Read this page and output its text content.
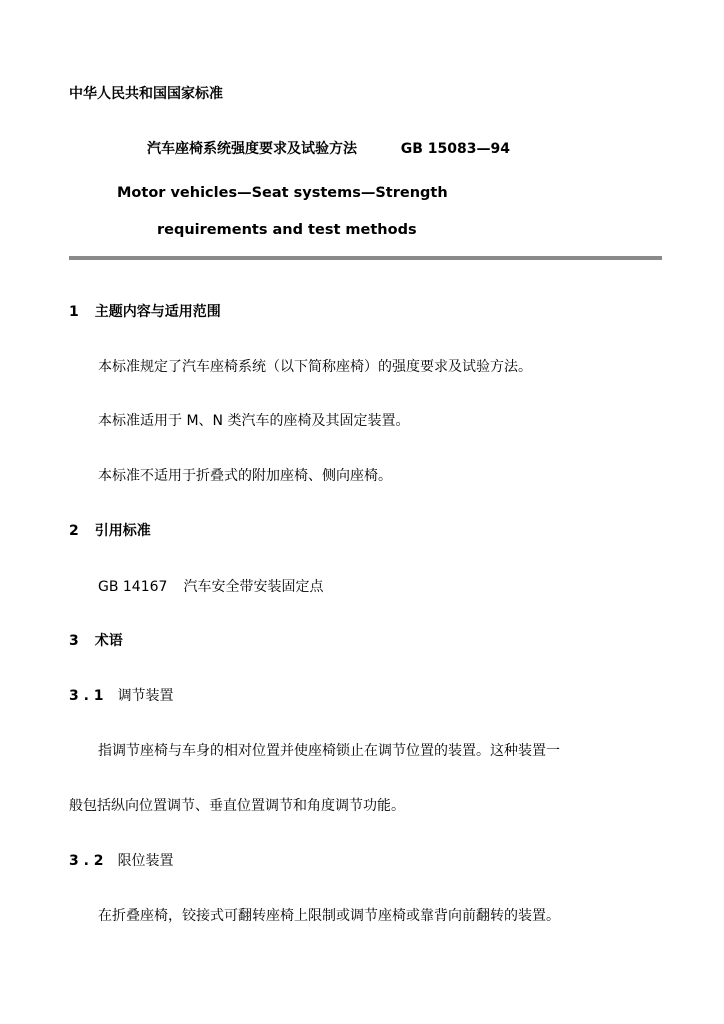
中华人民共和国国家标准
汽车座椅系统强度要求及试验方法	GB 15083—94
Motor vehicles—Seat systems—Strength
requirements and test methods
1 主题内容与适用范围
本标准规定了汽车座椅系统（以下简称座椅）的强度要求及试验方法。
本标准适用于 M、N 类汽车的座椅及其固定装置。
本标准不适用于折叠式的附加座椅、侧向座椅。
2 引用标准
GB 14167 汽车安全带安装固定点
3 术语
3 . 1 调节装置
指调节座椅与车身的相对位置并使座椅锁止在调节位置的装置。这种装置一
般包括纵向位置调节、垂直位置调节和角度调节功能。
3 . 2 限位装置
在折叠座椅，铰接式可翻转座椅上限制或调节座椅或靠背向前翻转的装置。
